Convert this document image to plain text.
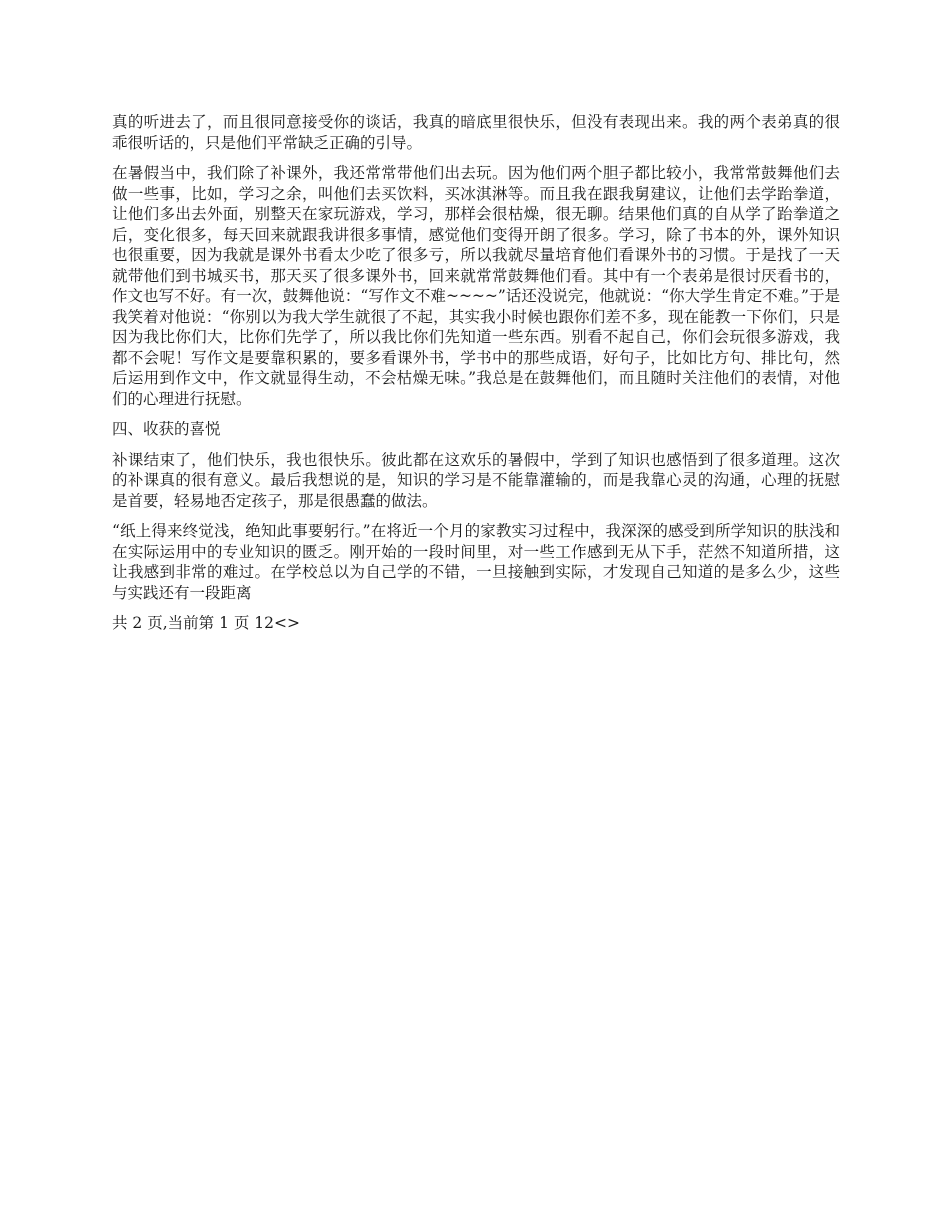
真的听进去了，而且很同意接受你的谈话，我真的暗底里很快乐，但没有表现出来。我的两个表弟真的很乖很听话的，只是他们平常缺乏正确的引导。

在暑假当中，我们除了补课外，我还常常带他们出去玩。因为他们两个胆子都比较小，我常常鼓舞他们去做一些事，比如，学习之余，叫他们去买饮料，买冰淇淋等。而且我在跟我舅建议，让他们去学跆拳道，让他们多出去外面，别整天在家玩游戏，学习，那样会很枯燥，很无聊。结果他们真的自从学了跆拳道之后，变化很多，每天回来就跟我讲很多事情，感觉他们变得开朗了很多。学习，除了书本的外，课外知识也很重要，因为我就是课外书看太少吃了很多亏，所以我就尽量培育他们看课外书的习惯。于是找了一天就带他们到书城买书，那天买了很多课外书，回来就常常鼓舞他们看。其中有一个表弟是很讨厌看书的，作文也写不好。有一次，鼓舞他说：“写作文不难~~~~”话还没说完，他就说：“你大学生肯定不难。”于是我笑着对他说：“你别以为我大学生就很了不起，其实我小时候也跟你们差不多，现在能教一下你们，只是因为我比你们大，比你们先学了，所以我比你们先知道一些东西。别看不起自己，你们会玩很多游戏，我都不会呢！写作文是要靠积累的，要多看课外书，学书中的那些成语，好句子，比如比方句、排比句，然后运用到作文中，作文就显得生动，不会枯燥无味。”我总是在鼓舞他们，而且随时关注他们的表情，对他们的心理进行抚慰。

四、收获的喜悦

补课结束了，他们快乐，我也很快乐。彼此都在这欢乐的暑假中，学到了知识也感悟到了很多道理。这次的补课真的很有意义。最后我想说的是，知识的学习是不能靠灌输的，而是我靠心灵的沟通，心理的抚慰是首要，轻易地否定孩子，那是很愚蠢的做法。

“纸上得来终觉浅，绝知此事要躬行。”在将近一个月的家教实习过程中，我深深的感受到所学知识的肤浅和在实际运用中的专业知识的匮乏。刚开始的一段时间里，对一些工作感到无从下手，茫然不知道所措，这让我感到非常的难过。在学校总以为自己学的不错，一旦接触到实际，才发现自己知道的是多么少，这些与实践还有一段距离

共 2 页,当前第 1 页 12<>
